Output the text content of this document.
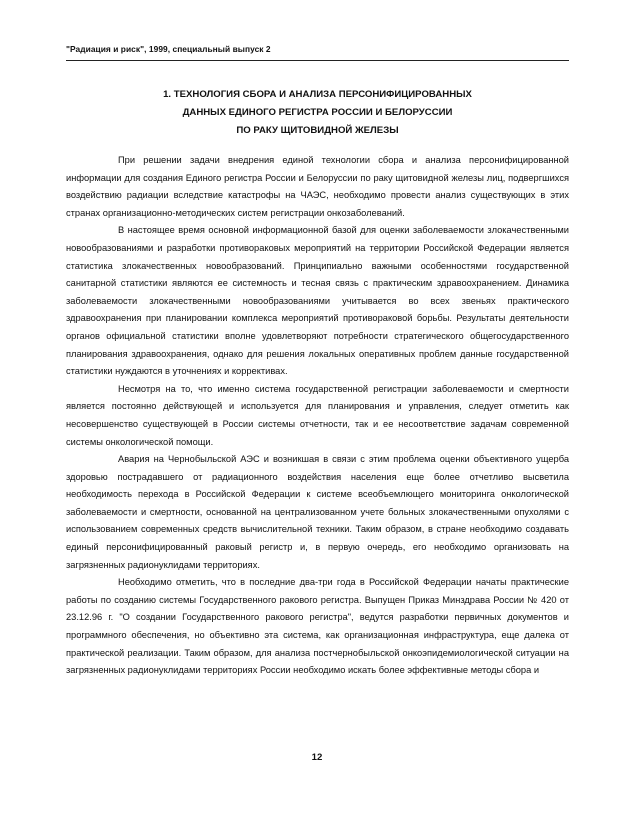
"Радиация и риск", 1999, специальный выпуск 2
1. ТЕХНОЛОГИЯ СБОРА И АНАЛИЗА ПЕРСОНИФИЦИРОВАННЫХ
ДАННЫХ ЕДИНОГО РЕГИСТРА РОССИИ И БЕЛОРУССИИ
ПО РАКУ ЩИТОВИДНОЙ ЖЕЛЕЗЫ

При решении задачи внедрения единой технологии сбора и анализа персонифицированной информации для создания Единого регистра России и Белоруссии по раку щитовидной железы лиц, подвергшихся воздействию радиации вследствие катастрофы на ЧАЭС, необходимо провести анализ существующих в этих странах организационно-методических систем регистрации онкозаболеваний.

В настоящее время основной информационной базой для оценки заболеваемости злокачественными новообразованиями и разработки противораковых мероприятий на территории Российской Федерации является статистика злокачественных новообразований. Принципиально важными особенностями государственной санитарной статистики являются ее системность и тесная связь с практическим здравоохранением. Динамика заболеваемости злокачественными новообразованиями учитывается во всех звеньях практического здравоохранения при планировании комплекса мероприятий противораковой борьбы. Результаты деятельности органов официальной статистики вполне удовлетворяют потребности стратегического общегосударственного планирования здравоохранения, однако для решения локальных оперативных проблем данные государственной статистики нуждаются в уточнениях и коррективах.

Несмотря на то, что именно система государственной регистрации заболеваемости и смертности является постоянно действующей и используется для планирования и управления, следует отметить как несовершенство существующей в России системы отчетности, так и ее несоответствие задачам современной системы онкологической помощи.

Авария на Чернобыльской АЭС и возникшая в связи с этим проблема оценки объективного ущерба здоровью пострадавшего от радиационного воздействия населения еще более отчетливо высветила необходимость перехода в Российской Федерации к системе всеобъемлющего мониторинга онкологической заболеваемости и смертности, основанной на централизованном учете больных злокачественными опухолями с использованием современных средств вычислительной техники. Таким образом, в стране необходимо создавать единый персонифицированный раковый регистр и, в первую очередь, его необходимо организовать на загрязненных радионуклидами территориях.

Необходимо отметить, что в последние два-три года в Российской Федерации начаты практические работы по созданию системы Государственного ракового регистра. Выпущен Приказ Минздрава России № 420 от 23.12.96 г. "О создании Государственного ракового регистра", ведутся разработки первичных документов и программного обеспечения, но объективно эта система, как организационная инфраструктура, еще далека от практической реализации. Таким образом, для анализа постчернобыльской онкоэпидемиологической ситуации на загрязненных радионуклидами территориях России необходимо искать более эффективные методы сбора и

12
